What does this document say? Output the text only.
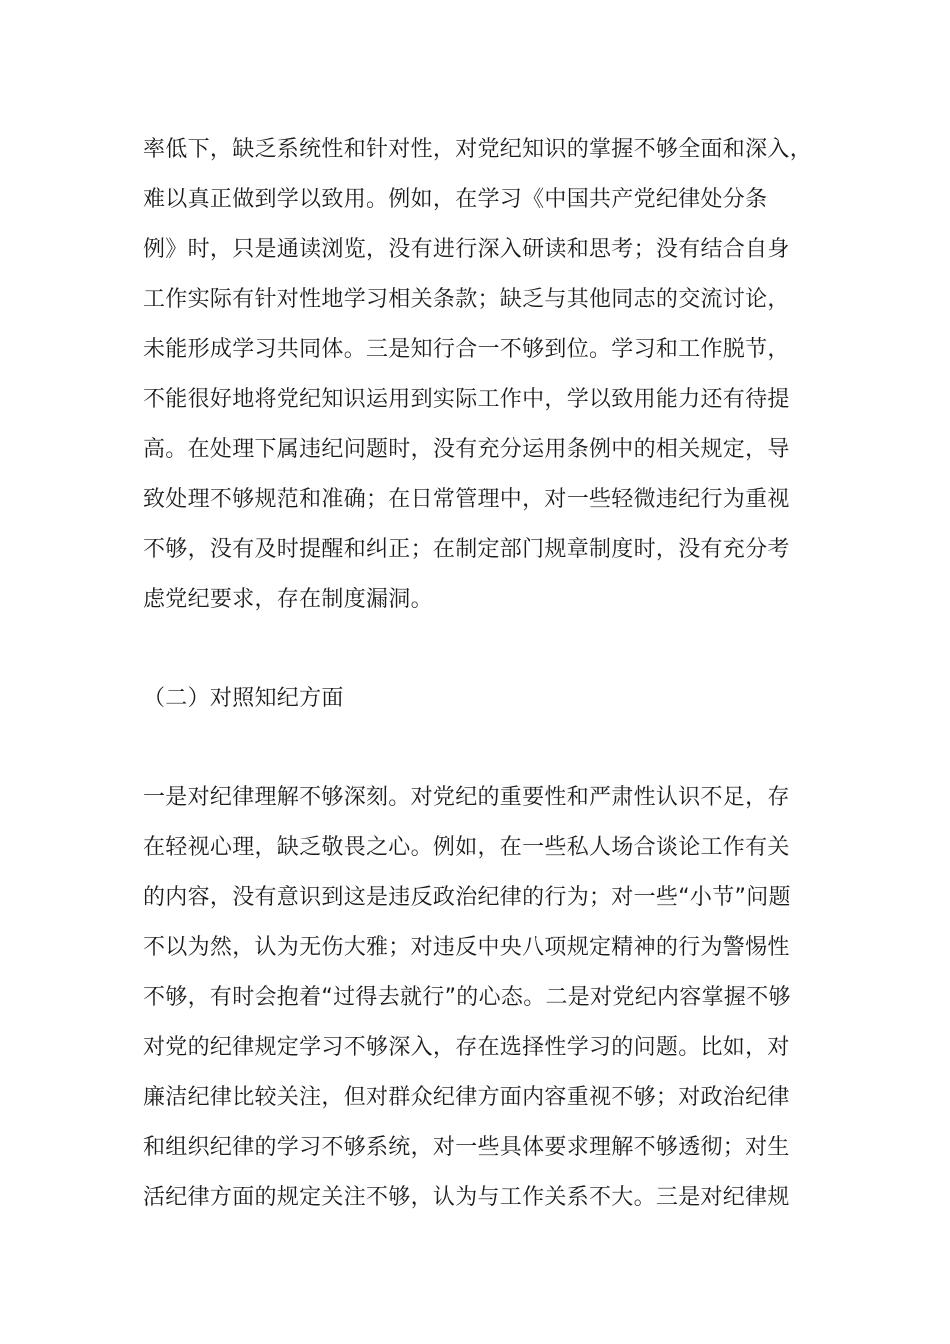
率低下，缺乏系统性和针对性，对党纪知识的掌握不够全面和深入，
难以真正做到学以致用。例如，在学习《中国共产党纪律处分条
例》时，只是通读浏览，没有进行深入研读和思考；没有结合自身
工作实际有针对性地学习相关条款；缺乏与其他同志的交流讨论，
未能形成学习共同体。三是知行合一不够到位。学习和工作脱节，
不能很好地将党纪知识运用到实际工作中，学以致用能力还有待提
高。在处理下属违纪问题时，没有充分运用条例中的相关规定，导
致处理不够规范和准确；在日常管理中，对一些轻微违纪行为重视
不够，没有及时提醒和纠正；在制定部门规章制度时，没有充分考
虑党纪要求，存在制度漏洞。
（二）对照知纪方面
一是对纪律理解不够深刻。对党纪的重要性和严肃性认识不足，存
在轻视心理，缺乏敬畏之心。例如，在一些私人场合谈论工作有关
的内容，没有意识到这是违反政治纪律的行为；对一些“小节”问题
不以为然，认为无伤大雅；对违反中央八项规定精神的行为警惕性
不够，有时会抱着“过得去就行”的心态。二是对党纪内容掌握不够
对党的纪律规定学习不够深入，存在选择性学习的问题。比如，对
廉洁纪律比较关注，但对群众纪律方面内容重视不够；对政治纪律
和组织纪律的学习不够系统，对一些具体要求理解不够透彻；对生
活纪律方面的规定关注不够，认为与工作关系不大。三是对纪律规
